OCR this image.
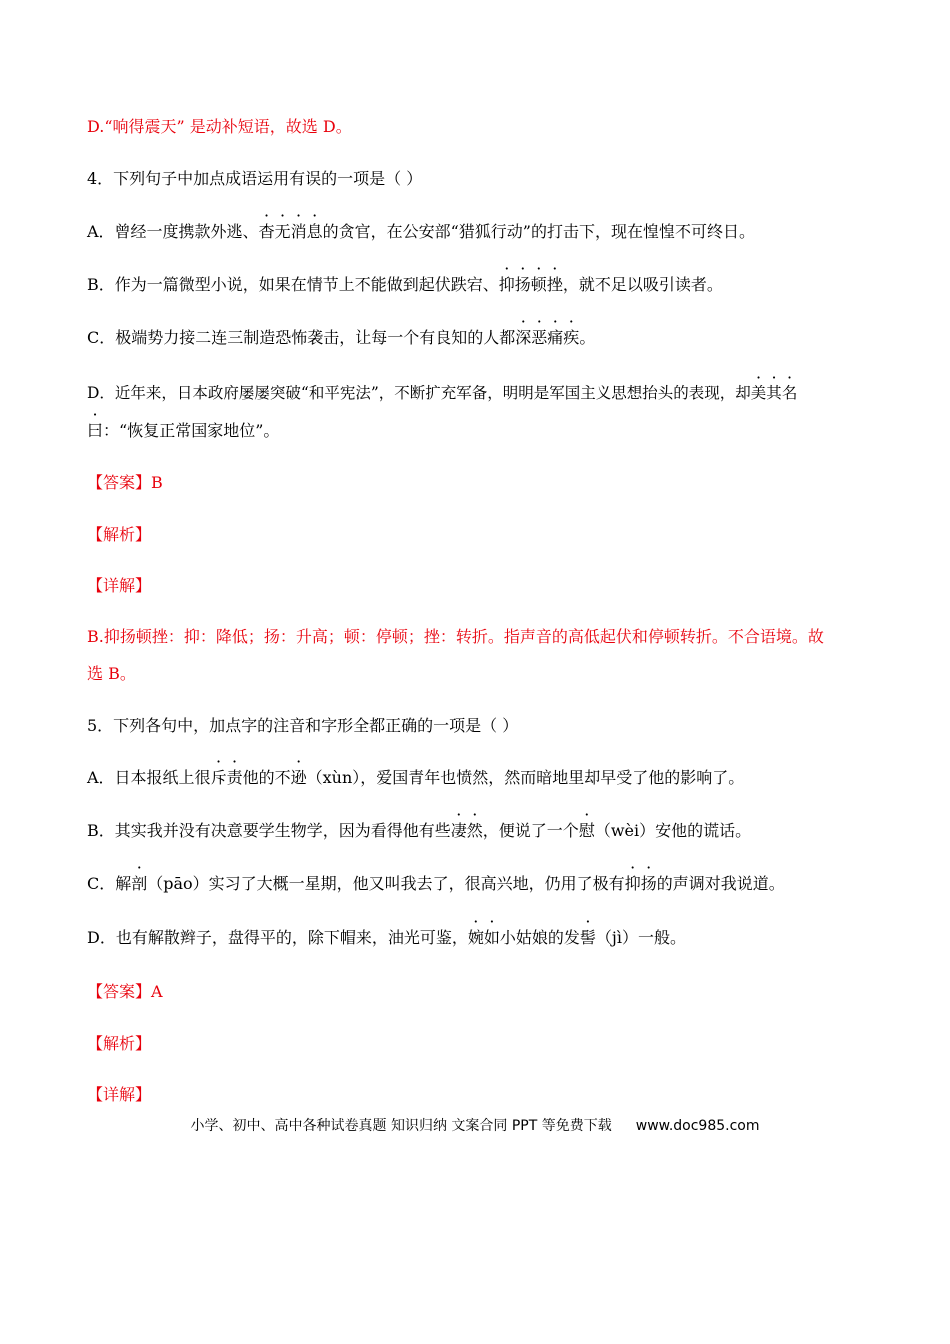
D.“响得震天” 是动补短语，故选 D。
4．下列句子中加点成语运用有误的一项是（ ）
A．曾经一度携款外逃、杳无消息的贪官，在公安部“猎狐行动”的打击下，现在惶惶不可终日。
B．作为一篇微型小说，如果在情节上不能做到起伏跌宕、抑扬顿挫，就不足以吸引读者。
C．极端势力接二连三制造恐怖袭击，让每一个有良知的人都深恶痛疾。
D．近年来，日本政府屡屡突破“和平宪法”，不断扩充军备，明明是军国主义思想抬头的表现，却美其名
曰：“恢复正常国家地位”。
【答案】B
【解析】
【详解】
B.抑扬顿挫：抑：降低；扬：升高；顿：停顿；挫：转折。指声音的高低起伏和停顿转折。不合语境。故
选 B。
5．下列各句中，加点字的注音和字形全都正确的一项是（ ）
A．日本报纸上很斥责他的不逊（xùn），爱国青年也愤然，然而暗地里却早受了他的影响了。
B．其实我并没有决意要学生物学，因为看得他有些凄然，便说了一个慰（wèi）安他的谎话。
C．解剖（pāo）实习了大概一星期，他又叫我去了，很高兴地，仍用了极有抑扬的声调对我说道。
D．也有解散辫子，盘得平的，除下帽来，油光可鉴，婉如小姑娘的发髻（jì）一般。
【答案】A
【解析】
【详解】
小学、初中、高中各种试卷真题 知识归纳 文案合同 PPT 等免费下载 www.doc985.com
